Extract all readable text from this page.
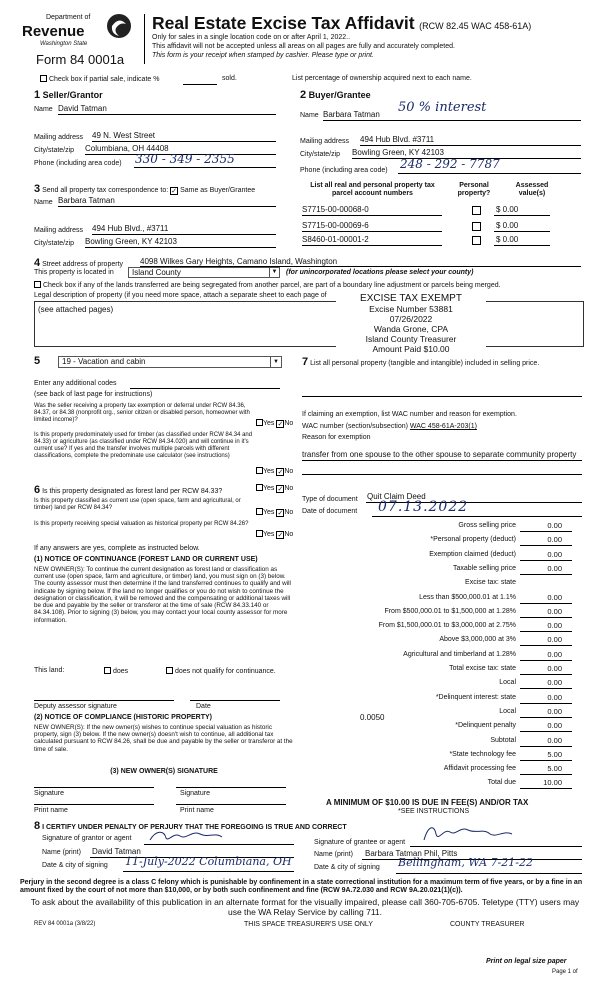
Department of
Revenue
Washington State
Form 84 0001a
Real Estate Excise Tax Affidavit (RCW 82.45 WAC 458-61A)
Only for sales in a single location code on or after April 1, 2022..
This affidavit will not be accepted unless all areas on all pages are fully and accurately completed.
This form is your receipt when stamped by cashier. Please type or print.
Check box if partial sale, indicate %	sold.	List percentage of ownership acquired next to each name.
1 Seller/Grantor
Name David Tatman
Mailing address 49 N. West Street
City/state/zip Columbiana, OH 44408
Phone (including area code) 330 - 349 - 2355
2 Buyer/Grantee
Name Barbara Tatman 50 % interest
Mailing address 494 Hub Blvd. #3711
City/state/zip Bowling Green, KY 42103
Phone (including area code) 248 - 292 - 7787
3 Send all property tax correspondence to: ✓ Same as Buyer/Grantee
Name Barbara Tatman
Mailing address 494 Hub Blvd., #3711
City/state/zip Bowling Green, KY 42103
List all real and personal property tax parcel account numbers
Personal property?
Assessed value(s)
S7715-00-00068-0	$ 0.00
S7715-00-00069-6	$ 0.00
S8460-01-00001-2	$ 0.00
4 Street address of property 4098 Wilkes Gary Heights, Camano Island, Washington
This property is located in	Island County	▼ (for unincorporated locations please select your county)
Check box if any of the lands transferred are being segregated from another parcel, are part of a boundary line adjustment or parcels being merged.
Legal description of property (if you need more space, attach a separate sheet to each page of
(see attached pages)
EXCISE TAX EXEMPT
Excise Number 53881
07/26/2022
Wanda Grone, CPA
Island County Treasurer
Amount Paid $10.00
5	19 - Vacation and cabin	▼
Enter any additional codes
(see back of last page for instructions)
Was the seller receiving a property tax exemption or deferral under RCW 84.36, 84.37, or 84.38 (nonprofit org., senior citizen or disabled person, homeowner with limited income)?
Yes ✓No
Is this property predominately used for timber (as classified under RCW 84.34 and 84.33) or agriculture (as classified under RCW 84.34.020) and will continue in it's current use? If yes and the transfer involves multiple parcels with different classifications, complete the predominate use calculator (see instructions)
Yes ✓No
6 Is this property designated as forest land per RCW 84.33?	Yes ✓No
Is this property classified as current use (open space, farm and agricultural, or timber) land per RCW 84.34?
Yes ✓No
Is this property receiving special valuation as historical property per RCW 84.26?
Yes ✓No
If any answers are yes, complete as instructed below.
(1) NOTICE OF CONTINUANCE (FOREST LAND OR CURRENT USE)
NEW OWNER(S): To continue the current designation as forest land or classification as current use (open space, farm and agriculture, or timber) land, you must sign on (3) below. The county assessor must then determine if the land transferred continues to qualify and will indicate by signing below. If the land no longer qualifies or you do not wish to continue the designation or classification, it will be removed and the compensating or additional taxes will be due and payable by the seller or transferor at the time of sale (RCW 84.33.140 or 84.34.108). Prior to signing (3) below, you may contact your local county assessor for more information.
This land:	does	does not qualify for continuance.
Deputy assessor signature	Date
(2) NOTICE OF COMPLIANCE (HISTORIC PROPERTY)
NEW OWNER(S): If the new owner(s) wishes to continue special valuation as historic property, sign (3) below. If the new owner(s) doesn't wish to continue, all additional tax calculated pursuant to RCW 84.26, shall be due and payable by the seller or transferor at the time of sale.
(3) NEW OWNER(S) SIGNATURE
Signature	Signature
Print name	Print name
7 List all personal property (tangible and intangible) included in selling price.
If claiming an exemption, list WAC number and reason for exemption.
WAC number (section/subsection) WAC 458-61A-203(1)
Reason for exemption
transfer from one spouse to the other spouse to separate community property
Type of document Quit Claim Deed
Date of document 07.13.2022
Gross selling price	0.00
*Personal property (deduct)	0.00
Exemption claimed (deduct)	0.00
Taxable selling price	0.00
Excise tax: state
Less than $500,000.01 at 1.1%	0.00
From $500,000.01 to $1,500,000 at 1.28%	0.00
From $1,500,000.01 to $3,000,000 at 2.75%	0.00
Above $3,000,000 at 3%	0.00
Agricultural and timberland at 1.28%	0.00
Total excise tax: state	0.00
Local	0.00
*Delinquent interest: state	0.00
Local	0.00
*Delinquent penalty	0.00
Subtotal	0.00
*State technology fee	5.00
Affidavit processing fee	5.00
Total due	10.00
0.0050
A MINIMUM OF $10.00 IS DUE IN FEE(S) AND/OR TAX
*SEE INSTRUCTIONS
8 I CERTIFY UNDER PENALTY OF PERJURY THAT THE FOREGOING IS TRUE AND CORRECT
Signature of grantor or agent
Name (print) David Tatman
Date & city of signing 11-July-2022 Columbiana, OH
Signature of grantee or agent
Name (print) Barbara Tatman Phil, Pitts
Date & city of signing Bellingham, WA 7-21-22
Perjury in the second degree is a class C felony which is punishable by confinement in a state correctional institution for a maximum term of five years, or by a fine in an amount fixed by the court of not more than $10,000, or by both such confinement and fine (RCW 9A.72.030 and RCW 9A.20.021(1)(c)).
To ask about the availability of this publication in an alternate format for the visually impaired, please call 360-705-6705. Teletype (TTY) users may use the WA Relay Service by calling 711.
REV 84 0001a (3/8/22)	THIS SPACE TREASURER'S USE ONLY	COUNTY TREASURER
Print on legal size paper
Page 1 of
